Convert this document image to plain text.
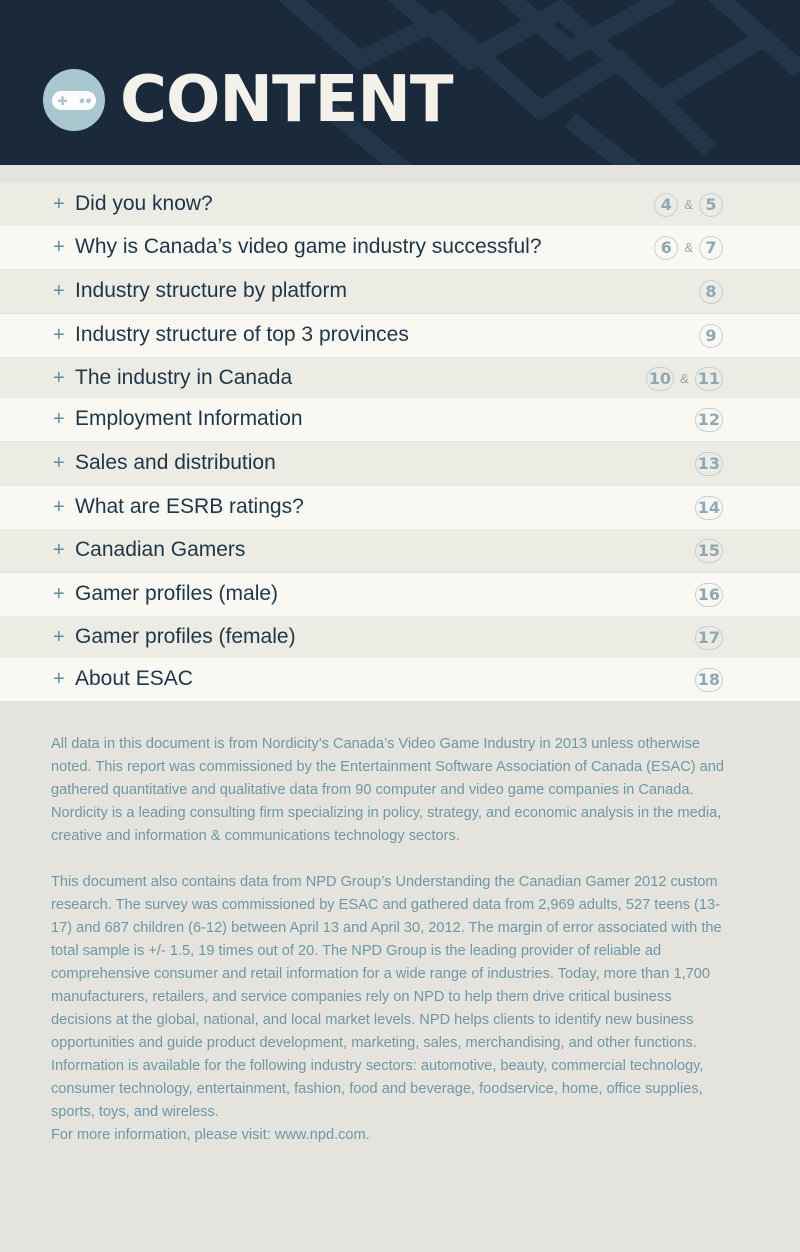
CONTENT
+ Did you know?	4 & 5
+ Why is Canada’s video game industry successful?	6 & 7
+ Industry structure by platform	8
+ Industry structure of top 3 provinces	9
+ The industry in Canada	10 & 11
+ Employment Information	12
+ Sales and distribution	13
+ What are ESRB ratings?	14
+ Canadian Gamers	15
+ Gamer profiles (male)	16
+ Gamer profiles (female)	17
+ About ESAC	18

All data in this document is from Nordicity’s Canada’s Video Game Industry in 2013 unless otherwise noted. This report was commissioned by the Entertainment Software Association of Canada (ESAC) and gathered quantitative and qualitative data from 90 computer and video game companies in Canada. Nordicity is a leading consulting firm specializing in policy, strategy, and economic analysis in the media, creative and information & communications technology sectors.

This document also contains data from NPD Group’s Understanding the Canadian Gamer 2012 custom research. The survey was commissioned by ESAC and gathered data from 2,969 adults, 527 teens (13-17) and 687 children (6-12) between April 13 and April 30, 2012. The margin of error associated with the total sample is +/- 1.5, 19 times out of 20. The NPD Group is the leading provider of reliable ad comprehensive consumer and retail information for a wide range of industries. Today, more than 1,700 manufacturers, retailers, and service companies rely on NPD to help them drive critical business decisions at the global, national, and local market levels. NPD helps clients to identify new business opportunities and guide product development, marketing, sales, merchandising, and other functions. Information is available for the following industry sectors: automotive, beauty, commercial technology, consumer technology, entertainment, fashion, food and beverage, foodservice, home, office supplies, sports, toys, and wireless.

For more information, please visit: www.npd.com.
